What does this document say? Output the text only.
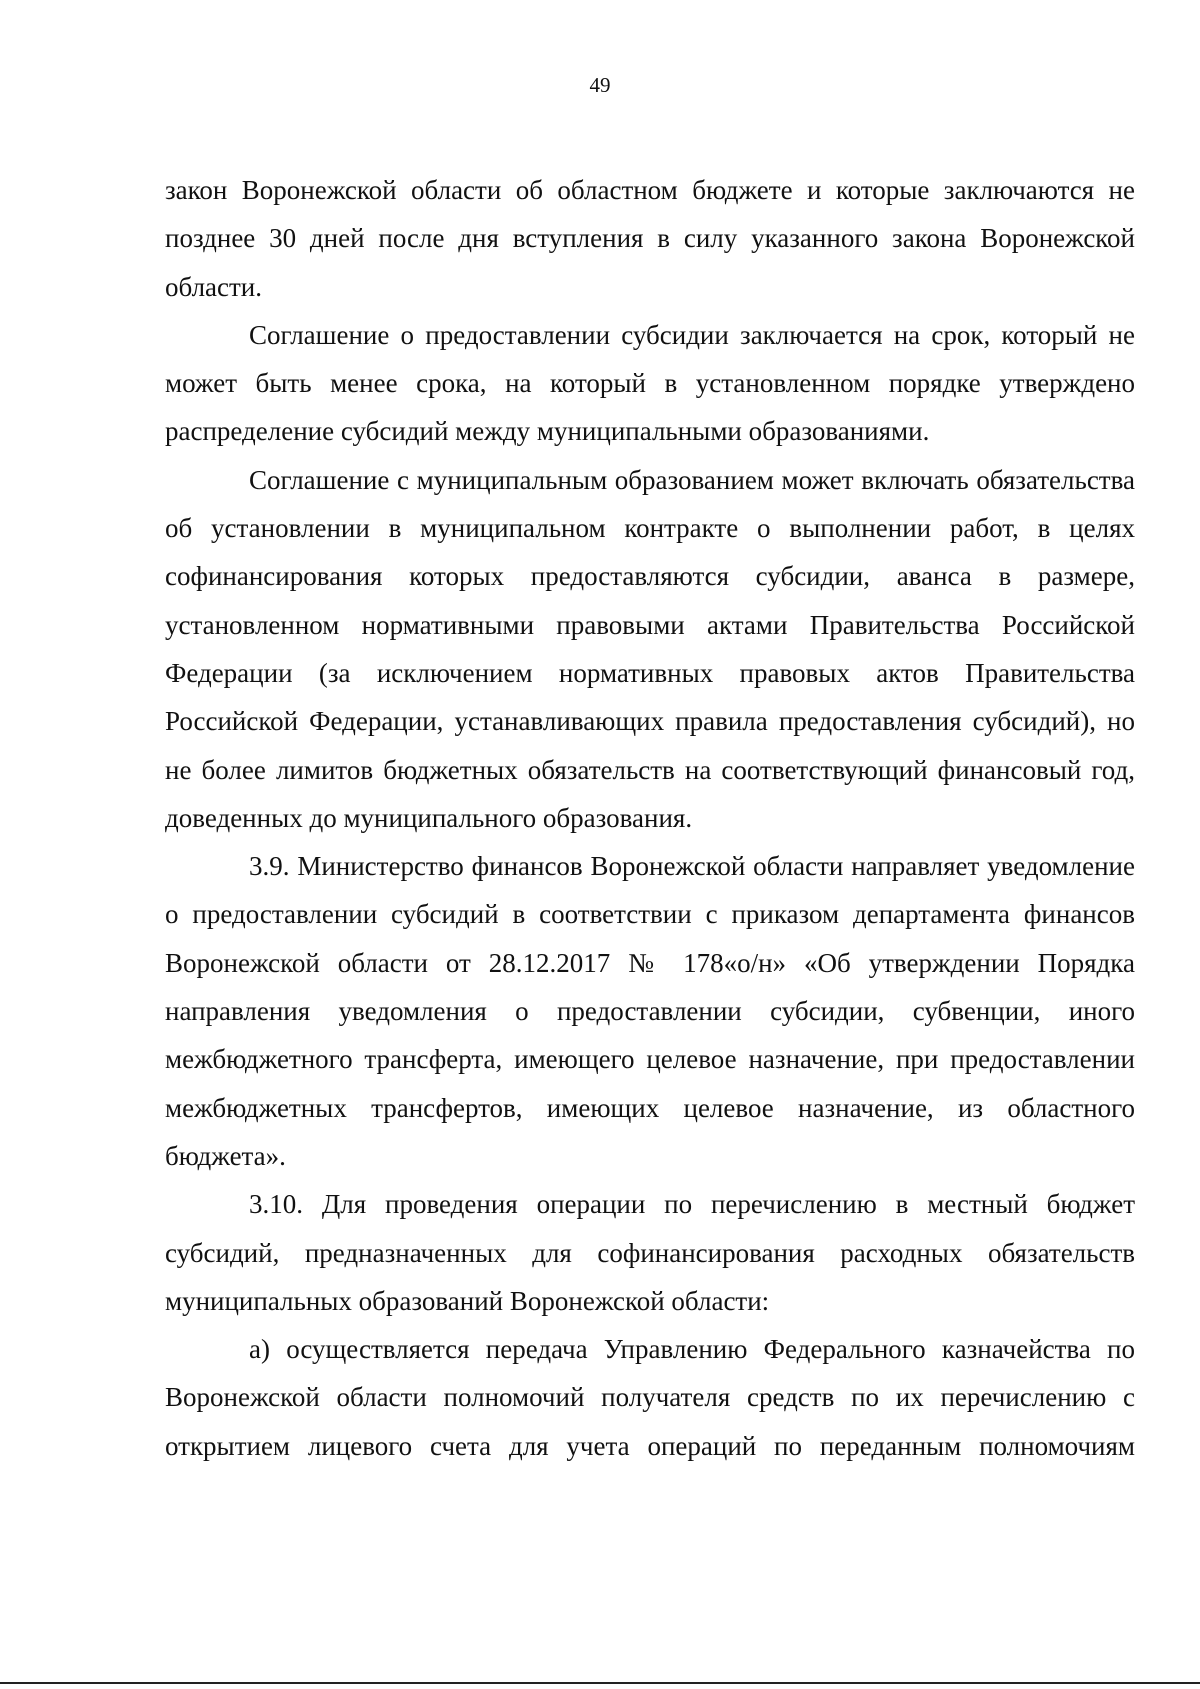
49

закон Воронежской области об областном бюджете и которые заключаются не позднее 30 дней после дня вступления в силу указанного закона Воронежской области.

Соглашение о предоставлении субсидии заключается на срок, который не может быть менее срока, на который в установленном порядке утверждено распределение субсидий между муниципальными образованиями.

Соглашение с муниципальным образованием может включать обязательства об установлении в муниципальном контракте о выполнении работ, в целях софинансирования которых предоставляются субсидии, аванса в размере, установленном нормативными правовыми актами Правительства Российской Федерации (за исключением нормативных правовых актов Правительства Российской Федерации, устанавливающих правила предоставления субсидий), но не более лимитов бюджетных обязательств на соответствующий финансовый год, доведенных до муниципального образования.

3.9. Министерство финансов Воронежской области направляет уведомление о предоставлении субсидий в соответствии с приказом департамента финансов Воронежской области от 28.12.2017 № 178«о/н» «Об утверждении Порядка направления уведомления о предоставлении субсидии, субвенции, иного межбюджетного трансферта, имеющего целевое назначение, при предоставлении межбюджетных трансфертов, имеющих целевое назначение, из областного бюджета».

3.10. Для проведения операции по перечислению в местный бюджет субсидий, предназначенных для софинансирования расходных обязательств муниципальных образований Воронежской области:

а) осуществляется передача Управлению Федерального казначейства по Воронежской области полномочий получателя средств по их перечислению с открытием лицевого счета для учета операций по переданным полномочиям
